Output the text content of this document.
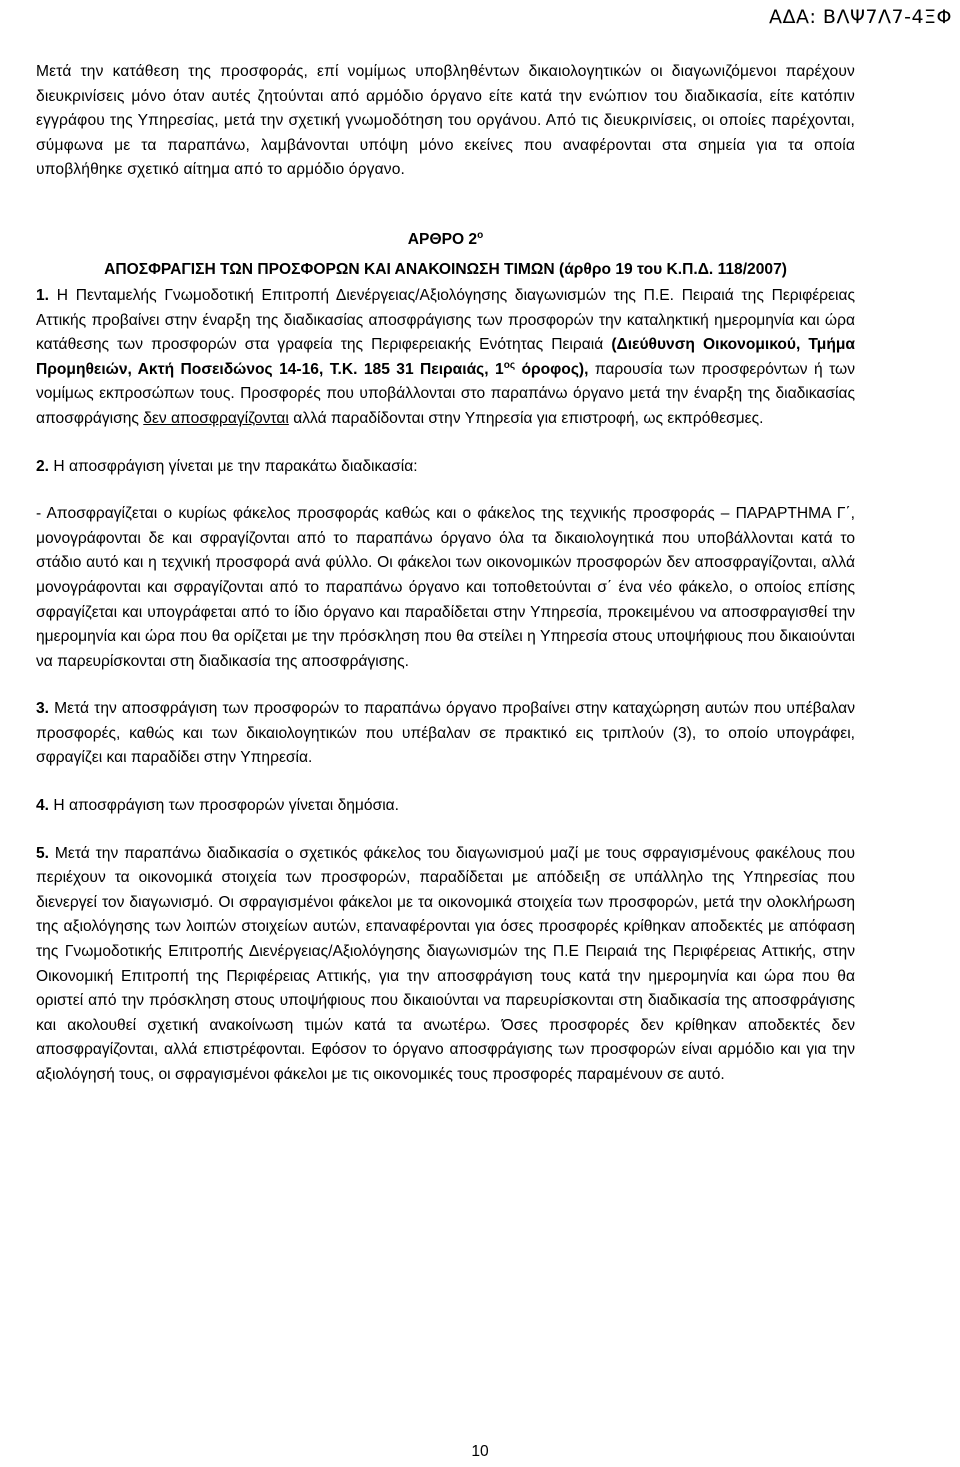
ΑΔΑ: ΒΛΨ7Λ7-4ΞΦ

Μετά την κατάθεση της προσφοράς, επί νομίμως υποβληθέντων δικαιολογητικών οι διαγωνιζόμενοι παρέχουν διευκρινίσεις μόνο όταν αυτές ζητούνται από αρμόδιο όργανο είτε κατά την ενώπιον του διαδικασία, είτε κατόπιν εγγράφου της Υπηρεσίας, μετά την σχετική γνωμοδότηση του οργάνου. Από τις διευκρινίσεις, οι οποίες παρέχονται, σύμφωνα με τα παραπάνω, λαμβάνονται υπόψη μόνο εκείνες που αναφέρονται στα σημεία για τα οποία υποβλήθηκε σχετικό αίτημα από το αρμόδιο όργανο.

ΑΡΘΡΟ $2^o$

ΑΠΟΣΦΡΑΓΙΣΗ ΤΩΝ ΠΡΟΣΦΟΡΩΝ ΚΑΙ ΑΝΑΚΟΙΝΩΣΗ ΤΙΜΩΝ (άρθρο 19 του Κ.Π.Δ. 118/2007)

1. Η Πενταμελής Γνωμοδοτική Επιτροπή Διενέργειας/Αξιολόγησης διαγωνισμών της Π.Ε. Πειραιά της Περιφέρειας Αττικής προβαίνει στην έναρξη της διαδικασίας αποσφράγισης των προσφορών την καταληκτική ημερομηνία και ώρα κατάθεσης των προσφορών στα γραφεία της Περιφερειακής Ενότητας Πειραιά (Διεύθυνση Οικονομικού, Τμήμα Προμηθειών, Ακτή Ποσειδώνος 14-16, Τ.Κ. 185 31 Πειραιάς, $1^{o\varsigma}$ όροφος), παρουσία των προσφερόντων ή των νομίμως εκπροσώπων τους. Προσφορές που υποβάλλονται στο παραπάνω όργανο μετά την έναρξη της διαδικασίας αποσφράγισης δεν αποσφραγίζονται αλλά παραδίδονται στην Υπηρεσία για επιστροφή, ως εκπρόθεσμες.

2. Η αποσφράγιση γίνεται με την παρακάτω διαδικασία:

- Αποσφραγίζεται ο κυρίως φάκελος προσφοράς καθώς και ο φάκελος της τεχνικής προσφοράς – ΠΑΡΑΡΤΗΜΑ Γ΄, μονογράφονται δε και σφραγίζονται από το παραπάνω όργανο όλα τα δικαιολογητικά που υποβάλλονται κατά το στάδιο αυτό και η τεχνική προσφορά ανά φύλλο. Οι φάκελοι των οικονομικών προσφορών δεν αποσφραγίζονται, αλλά μονογράφονται και σφραγίζονται από το παραπάνω όργανο και τοποθετούνται σ΄ ένα νέο φάκελο, ο οποίος επίσης σφραγίζεται και υπογράφεται από το ίδιο όργανο και παραδίδεται στην Υπηρεσία, προκειμένου να αποσφραγισθεί την ημερομηνία και ώρα που θα ορίζεται με την πρόσκληση που θα στείλει η Υπηρεσία στους υποψήφιους που δικαιούνται να παρευρίσκονται στη διαδικασία της αποσφράγισης.

3. Μετά την αποσφράγιση των προσφορών το παραπάνω όργανο προβαίνει στην καταχώρηση αυτών που υπέβαλαν προσφορές, καθώς και των δικαιολογητικών που υπέβαλαν σε πρακτικό εις τριπλούν (3), το οποίο υπογράφει, σφραγίζει και παραδίδει στην Υπηρεσία.

4. Η αποσφράγιση των προσφορών γίνεται δημόσια.

5. Μετά την παραπάνω διαδικασία ο σχετικός φάκελος του διαγωνισμού μαζί με τους σφραγισμένους φακέλους που περιέχουν τα οικονομικά στοιχεία των προσφορών, παραδίδεται με απόδειξη σε υπάλληλο της Υπηρεσίας που διενεργεί τον διαγωνισμό. Οι σφραγισμένοι φάκελοι με τα οικονομικά στοιχεία των προσφορών, μετά την ολοκλήρωση της αξιολόγησης των λοιπών στοιχείων αυτών, επαναφέρονται για όσες προσφορές κρίθηκαν αποδεκτές με απόφαση της Γνωμοδοτικής Επιτροπής Διενέργειας/Αξιολόγησης διαγωνισμών της Π.Ε Πειραιά της Περιφέρειας Αττικής, στην Οικονομική Επιτροπή της Περιφέρειας Αττικής, για την αποσφράγιση τους κατά την ημερομηνία και ώρα που θα οριστεί από την πρόσκληση στους υποψήφιους που δικαιούνται να παρευρίσκονται στη διαδικασία της αποσφράγισης και ακολουθεί σχετική ανακοίνωση τιμών κατά τα ανωτέρω. Όσες προσφορές δεν κρίθηκαν αποδεκτές δεν αποσφραγίζονται, αλλά επιστρέφονται. Εφόσον το όργανο αποσφράγισης των προσφορών είναι αρμόδιο και για την αξιολόγησή τους, οι σφραγισμένοι φάκελοι με τις οικονομικές τους προσφορές παραμένουν σε αυτό.

10
